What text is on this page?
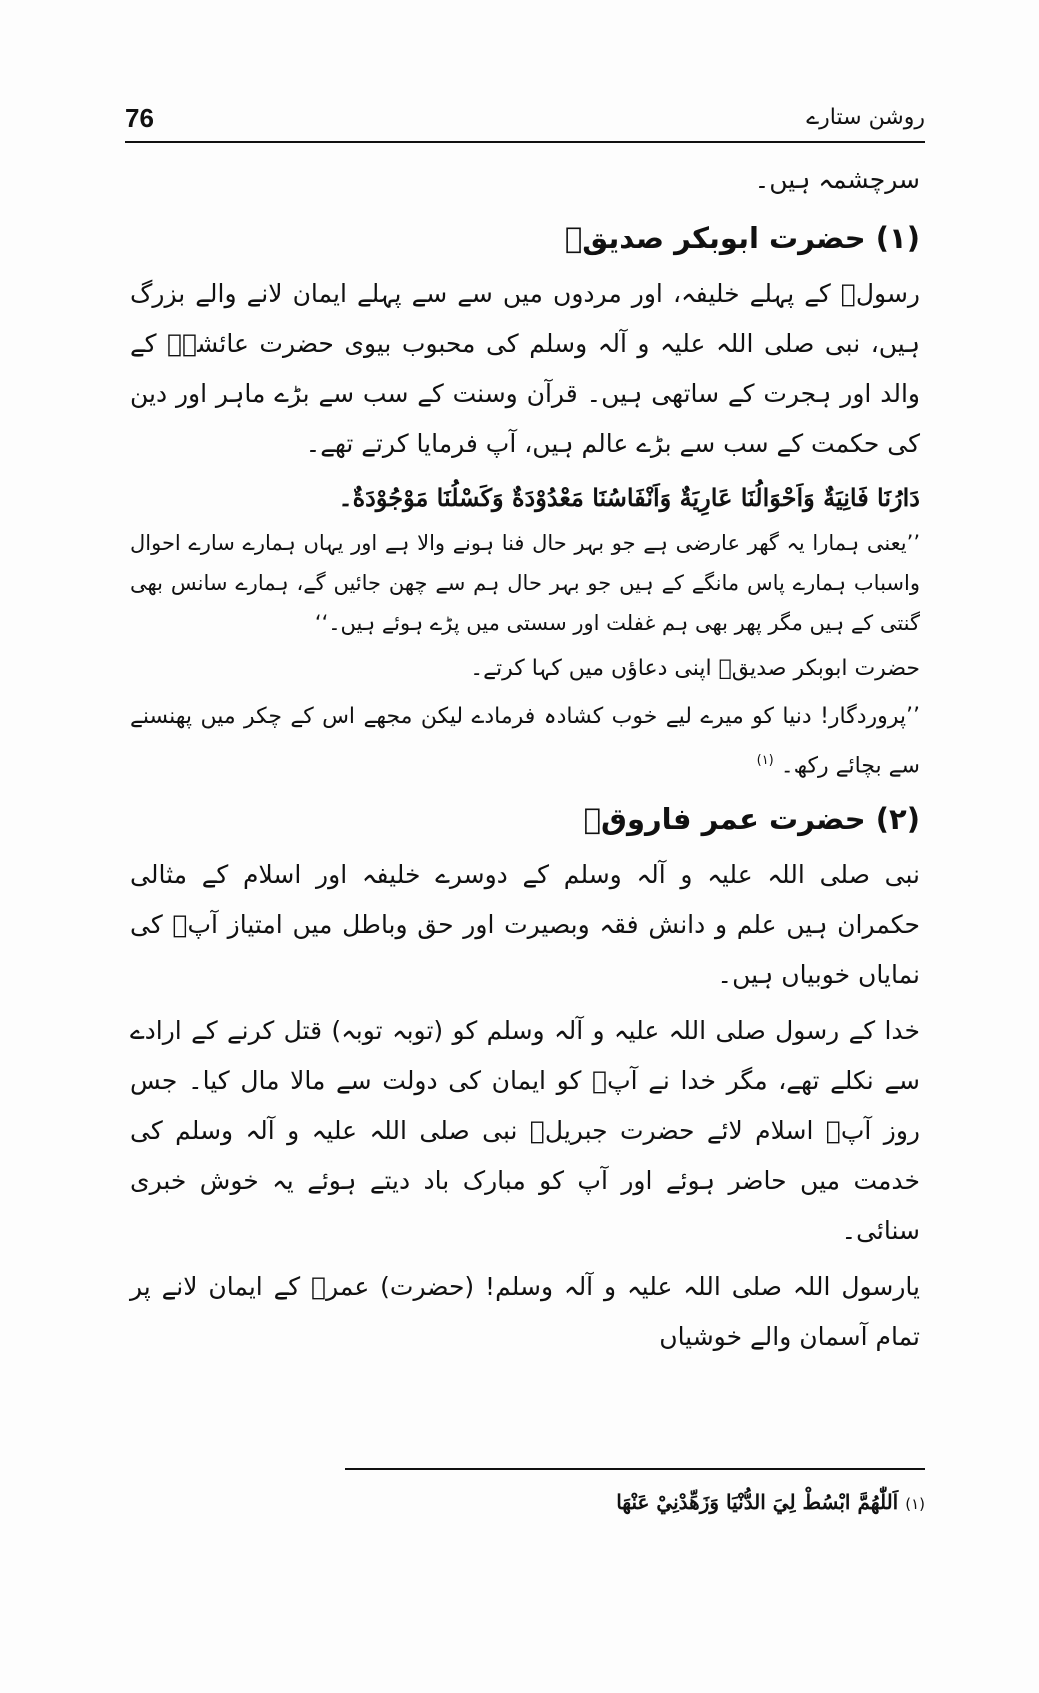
76	روشن ستارے

سرچشمہ ہیں۔

(۱) حضرت ابوبکر صدیقؓ

رسولؐ کے پہلے خلیفہ، اور مردوں میں سے سے پہلے ایمان لانے والے بزرگ ہیں، نبی صلی اللہ علیہ و آلہ وسلم کی محبوب بیوی حضرت عائشہؓ کے والد اور ہجرت کے ساتھی ہیں۔ قرآن وسنت کے سب سے بڑے ماہر اور دین کی حکمت کے سب سے بڑے عالم ہیں، آپ فرمایا کرتے تھے۔

دَارُنَا فَانِيَةٌ وَاَحْوَالُنَا عَارِيَةٌ وَاَنْفَاسُنَا مَعْدُوْدَةٌ وَكَسْلُنَا مَوْجُوْدَةٌ۔

’’یعنی ہمارا یہ گھر عارضی ہے جو بہر حال فنا ہونے والا ہے اور یہاں ہمارے سارے احوال واسباب ہمارے پاس مانگے کے ہیں جو بہر حال ہم سے چھن جائیں گے، ہمارے سانس بھی گنتی کے ہیں مگر پھر بھی ہم غفلت اور سستی میں پڑے ہوئے ہیں۔‘‘

حضرت ابوبکر صدیقؓ اپنی دعاؤں میں کہا کرتے۔

’’پروردگار! دنیا کو میرے لیے خوب کشادہ فرمادے لیکن مجھے اس کے چکر میں پھنسنے سے بچائے رکھ۔ $^{(۱)}$

(۲) حضرت عمر فاروقؓ

نبی صلی اللہ علیہ و آلہ وسلم کے دوسرے خلیفہ اور اسلام کے مثالی حکمران ہیں علم و دانش فقہ وبصیرت اور حق وباطل میں امتیاز آپؓ کی نمایاں خوبیاں ہیں۔

خدا کے رسول صلی اللہ علیہ و آلہ وسلم کو (توبہ توبہ) قتل کرنے کے ارادے سے نکلے تھے، مگر خدا نے آپؓ کو ایمان کی دولت سے مالا مال کیا۔ جس روز آپؓ اسلام لائے حضرت جبریلؑ نبی صلی اللہ علیہ و آلہ وسلم کی خدمت میں حاضر ہوئے اور آپ کو مبارک باد دیتے ہوئے یہ خوش خبری سنائی۔

یارسول اللہ صلی اللہ علیہ و آلہ وسلم! (حضرت) عمرؓ کے ایمان لانے پر تمام آسمان والے خوشیاں

(۱) اَللّٰهُمَّ ابْسُطْ لِيَ الدُّنْيَا وَزَهِّدْنِيْ عَنْهَا
